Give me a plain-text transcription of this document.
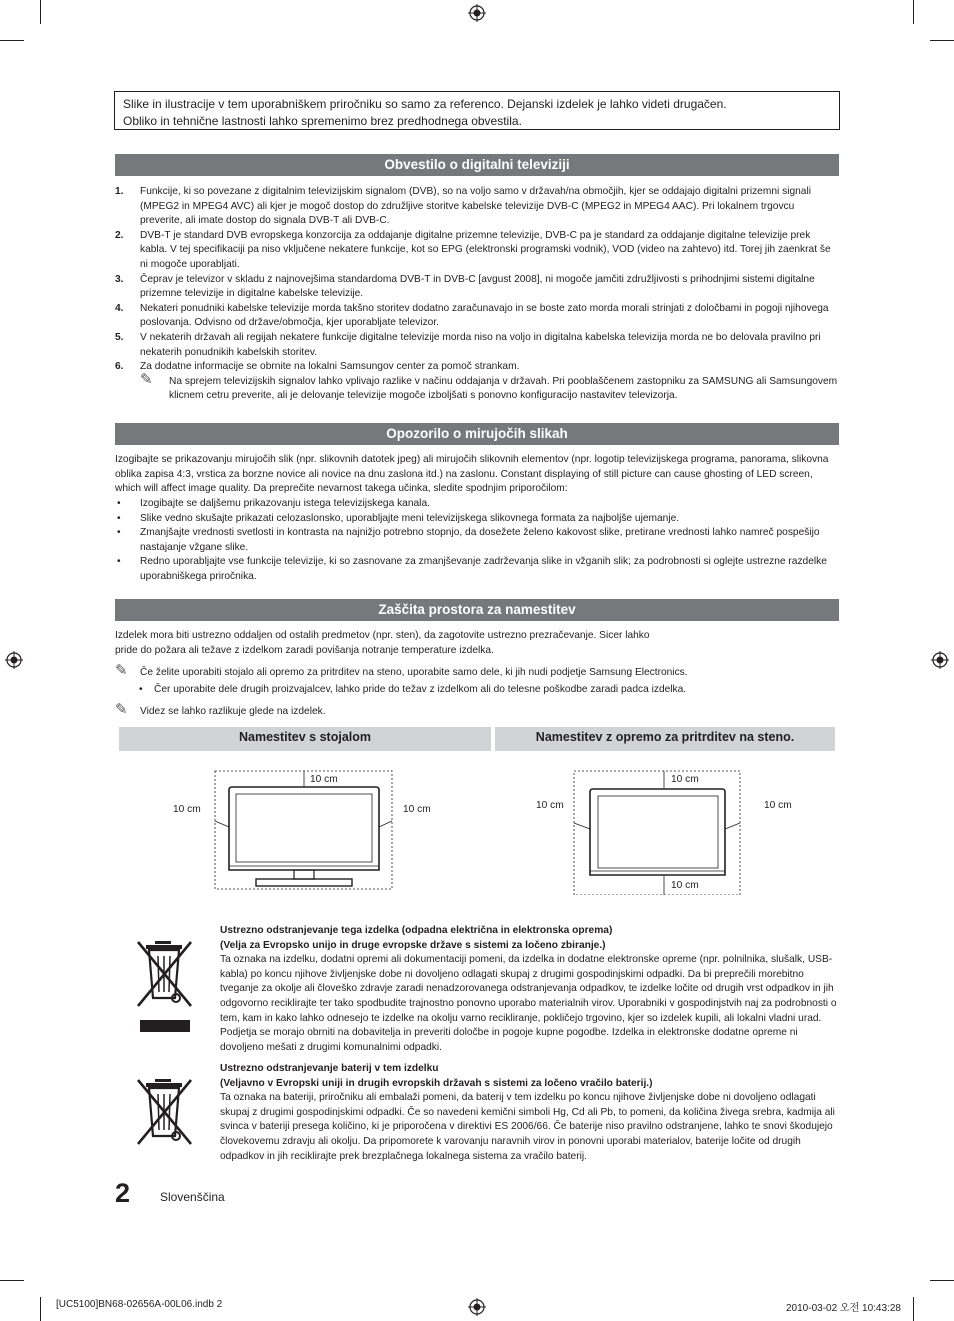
Slike in ilustracije v tem uporabniškem priročniku so samo za referenco. Dejanski izdelek je lahko videti drugačen.
Obliko in tehnične lastnosti lahko spremenimo brez predhodnega obvestila.
Obvestilo o digitalni televiziji
1. Funkcije, ki so povezane z digitalnim televizijskim signalom (DVB), so na voljo samo v državah/na območjih, kjer se oddajajo digitalni prizemni signali (MPEG2 in MPEG4 AVC) ali kjer je mogoč dostop do združljive storitve kabelske televizije DVB-C (MPEG2 in MPEG4 AAC). Pri lokalnem trgovcu preverite, ali imate dostop do signala DVB-T ali DVB-C.
2. DVB-T je standard DVB evropskega konzorcija za oddajanje digitalne prizemne televizije, DVB-C pa je standard za oddajanje digitalne televizije prek kabla. V tej specifikaciji pa niso vključene nekatere funkcije, kot so EPG (elektronski programski vodnik), VOD (video na zahtevo) itd. Torej jih zaenkrat še ni mogoče uporabljati.
3. Čeprav je televizor v skladu z najnovejšima standardoma DVB-T in DVB-C [avgust 2008], ni mogoče jamčiti združljivosti s prihodnjimi sistemi digitalne prizemne televizije in digitalne kabelske televizije.
4. Nekateri ponudniki kabelske televizije morda takšno storitev dodatno zaračunavajo in se boste zato morda morali strinjati z določbami in pogoji njihovega poslovanja. Odvisno od države/območja, kjer uporabljate televizor.
5. V nekaterih državah ali regijah nekatere funkcije digitalne televizije morda niso na voljo in digitalna kabelska televizija morda ne bo delovala pravilno pri nekaterih ponudnikih kabelskih storitev.
6. Za dodatne informacije se obrnite na lokalni Samsungov center za pomoč strankam.
✎ Na sprejem televizijskih signalov lahko vplivajo razlike v načinu oddajanja v državah. Pri pooblaščenem zastopniku za SAMSUNG ali Samsungovem klicnem cetru preverite, ali je delovanje televizije mogoče izboljšati s ponovno konfiguracijo nastavitev televizorja.
Opozorilo o mirujočih slikah
Izogibajte se prikazovanju mirujočih slik (npr. slikovnih datotek jpeg) ali mirujočih slikovnih elementov (npr. logotip televizijskega programa, panorama, slikovna oblika zapisa 4:3, vrstica za borzne novice ali novice na dnu zaslona itd.) na zaslonu. Constant displaying of still picture can cause ghosting of LED screen, which will affect image quality. Da preprečite nevarnost takega učinka, sledite spodnjim priporočilom:
• Izogibajte se daljšemu prikazovanju istega televizijskega kanala.
• Slike vedno skušajte prikazati celozaslonsko, uporabljajte meni televizijskega slikovnega formata za najboljše ujemanje.
• Zmanjšajte vrednosti svetlosti in kontrasta na najnižjo potrebno stopnjo, da dosežete želeno kakovost slike, pretirane vrednosti lahko namreč pospešijo nastajanje vžgane slike.
• Redno uporabljajte vse funkcije televizije, ki so zasnovane za zmanjševanje zadrževanja slike in vžganih slik; za podrobnosti si oglejte ustrezne razdelke uporabniškega priročnika.
Zaščita prostora za namestitev
Izdelek mora biti ustrezno oddaljen od ostalih predmetov (npr. sten), da zagotovite ustrezno prezračevanje. Sicer lahko pride do požara ali težave z izdelkom zaradi povišanja notranje temperature izdelka.
✎ Če želite uporabiti stojalo ali opremo za pritrditev na steno, uporabite samo dele, ki jih nudi podjetje Samsung Electronics.
• Čer uporabite dele drugih proizvajalcev, lahko pride do težav z izdelkom ali do telesne poškodbe zaradi padca izdelka.
✎ Videz se lahko razlikuje glede na izdelek.
Namestitev s stojalom	Namestitev z opremo za pritrditev na steno.
10 cm
10 cm	10 cm
10 cm
10 cm	10 cm
10 cm
Ustrezno odstranjevanje tega izdelka (odpadna električna in elektronska oprema)
(Velja za Evropsko unijo in druge evropske države s sistemi za ločeno zbiranje.)
Ta oznaka na izdelku, dodatni opremi ali dokumentaciji pomeni, da izdelka in dodatne elektronske opreme (npr. polnilnika, slušalk, USB-kabla) po koncu njihove življenjske dobe ni dovoljeno odlagati skupaj z drugimi gospodinjskimi odpadki. Da bi preprečili morebitno tveganje za okolje ali človeško zdravje zaradi nenadzorovanega odstranjevanja odpadkov, te izdelke ločite od drugih vrst odpadkov in jih odgovorno reciklirajte ter tako spodbudite trajnostno ponovno uporabo materialnih virov. Uporabniki v gospodinjstvih naj za podrobnosti o tem, kam in kako lahko odnesejo te izdelke na okolju varno recikliranje, pokličejo trgovino, kjer so izdelek kupili, ali lokalni vladni urad. Podjetja se morajo obrniti na dobavitelja in preveriti določbe in pogoje kupne pogodbe. Izdelka in elektronske dodatne opreme ni dovoljeno mešati z drugimi komunalnimi odpadki.
Ustrezno odstranjevanje baterij v tem izdelku
(Veljavno v Evropski uniji in drugih evropskih državah s sistemi za ločeno vračilo baterij.)
Ta oznaka na bateriji, priročniku ali embalaži pomeni, da baterij v tem izdelku po koncu njihove življenjske dobe ni dovoljeno odlagati skupaj z drugimi gospodinjskimi odpadki. Če so navedeni kemični simboli Hg, Cd ali Pb, to pomeni, da količina živega srebra, kadmija ali svinca v bateriji presega količino, ki je priporočena v direktivi ES 2006/66. Če baterije niso pravilno odstranjene, lahko te snovi škodujejo človekovemu zdravju ali okolju. Da pripomorete k varovanju naravnih virov in ponovni uporabi materialov, baterije ločite od drugih odpadkov in jih reciklirajte prek brezplačnega lokalnega sistema za vračilo baterij.
2 Slovenščina
[UC5100]BN68-02656A-00L06.indb 2	2010-03-02 오전 10:43:28
